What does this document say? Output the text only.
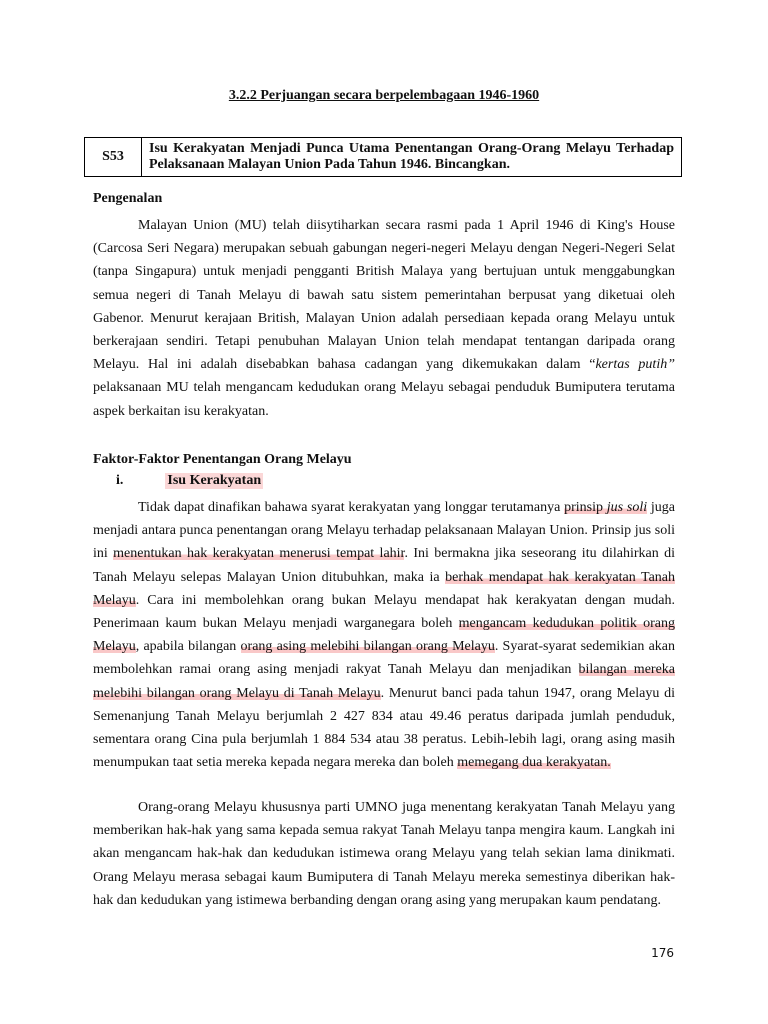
3.2.2 Perjuangan secara berpelembagaan 1946-1960
S53
Isu Kerakyatan Menjadi Punca Utama Penentangan Orang-Orang Melayu Terhadap Pelaksanaan Malayan Union Pada Tahun 1946. Bincangkan.
Pengenalan

Malayan Union (MU) telah diisytiharkan secara rasmi pada 1 April 1946 di King's House (Carcosa Seri Negara) merupakan sebuah gabungan negeri-negeri Melayu dengan Negeri-Negeri Selat (tanpa Singapura) untuk menjadi pengganti British Malaya yang bertujuan untuk menggabungkan semua negeri di Tanah Melayu di bawah satu sistem pemerintahan berpusat yang diketuai oleh Gabenor. Menurut kerajaan British, Malayan Union adalah persediaan kepada orang Melayu untuk berkerajaan sendiri. Tetapi penubuhan Malayan Union telah mendapat tentangan daripada orang Melayu. Hal ini adalah disebabkan bahasa cadangan yang dikemukakan dalam “kertas putih” pelaksanaan MU telah mengancam kedudukan orang Melayu sebagai penduduk Bumiputera terutama aspek berkaitan isu kerakyatan.

Faktor-Faktor Penentangan Orang Melayu
i.	Isu Kerakyatan

Tidak dapat dinafikan bahawa syarat kerakyatan yang longgar terutamanya prinsip jus soli juga menjadi antara punca penentangan orang Melayu terhadap pelaksanaan Malayan Union. Prinsip jus soli ini menentukan hak kerakyatan menerusi tempat lahir. Ini bermakna jika seseorang itu dilahirkan di Tanah Melayu selepas Malayan Union ditubuhkan, maka ia berhak mendapat hak kerakyatan Tanah Melayu. Cara ini membolehkan orang bukan Melayu mendapat hak kerakyatan dengan mudah. Penerimaan kaum bukan Melayu menjadi warganegara boleh mengancam kedudukan politik orang Melayu, apabila bilangan orang asing melebihi bilangan orang Melayu. Syarat-syarat sedemikian akan membolehkan ramai orang asing menjadi rakyat Tanah Melayu dan menjadikan bilangan mereka melebihi bilangan orang Melayu di Tanah Melayu. Menurut banci pada tahun 1947, orang Melayu di Semenanjung Tanah Melayu berjumlah 2 427 834 atau 49.46 peratus daripada jumlah penduduk, sementara orang Cina pula berjumlah 1 884 534 atau 38 peratus. Lebih-lebih lagi, orang asing masih menumpukan taat setia mereka kepada negara mereka dan boleh memegang dua kerakyatan.

Orang-orang Melayu khususnya parti UMNO juga menentang kerakyatan Tanah Melayu yang memberikan hak-hak yang sama kepada semua rakyat Tanah Melayu tanpa mengira kaum. Langkah ini akan mengancam hak-hak dan kedudukan istimewa orang Melayu yang telah sekian lama dinikmati. Orang Melayu merasa sebagai kaum Bumiputera di Tanah Melayu mereka semestinya diberikan hak-hak dan kedudukan yang istimewa berbanding dengan orang asing yang merupakan kaum pendatang.

176
